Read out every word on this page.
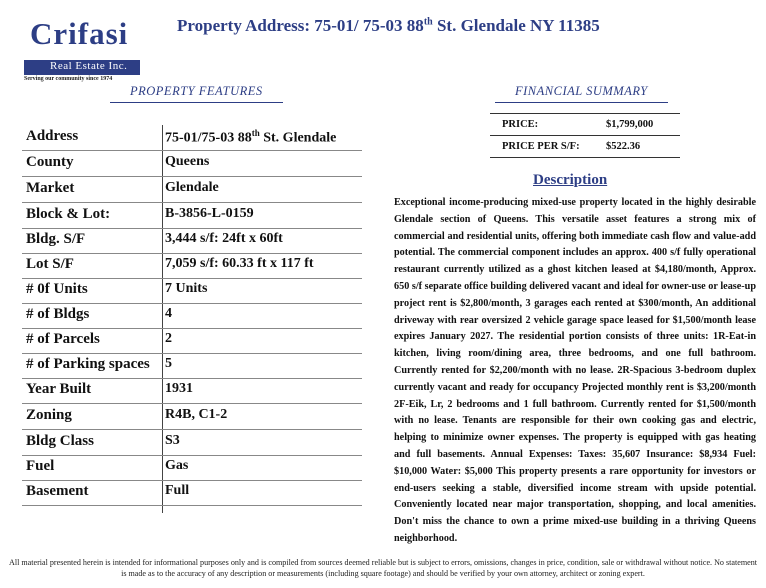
Crifasi
Real Estate Inc.
Serving our community since 1974
Property Address: 75-01/ 75-03 88th St. Glendale NY 11385
PROPERTY FEATURES	FINANCIAL SUMMARY
Address	75-01/75-03 88th St. Glendale
County	Queens
Market	Glendale
Block & Lot:	B-3856-L-0159
Bldg. S/F	3,444 s/f: 24ft x 60ft
Lot S/F	7,059 s/f: 60.33 ft x 117 ft
# 0f Units	7 Units
# of Bldgs	4
# of Parcels	2
# of Parking spaces 5
Year Built	1931
Zoning	R4B, C1-2
Bldg Class	S3
Fuel	Gas
Basement	Full
PRICE:	$1,799,000
PRICE PER S/F:	$522.36
Description
Exceptional income-producing mixed-use property located in the highly desirable Glendale section of Queens. This versatile asset features a strong mix of commercial and residential units, offering both immediate cash flow and value-add potential. The commercial component includes an approx. 400 s/f fully operational restaurant currently utilized as a ghost kitchen leased at $4,180/month, Approx. 650 s/f separate office building delivered vacant and ideal for owner-use or lease-up project rent is $2,800/month, 3 garages each rented at $300/month, An additional driveway with rear oversized 2 vehicle garage space leased for $1,500/month lease expires January 2027. The residential portion consists of three units: 1R-Eat-in kitchen, living room/dining area, three bedrooms, and one full bathroom. Currently rented for $2,200/month with no lease. 2R-Spacious 3-bedroom duplex currently vacant and ready for occupancy Projected monthly rent is $3,200/month 2F-Eik, Lr, 2 bedrooms and 1 full bathroom. Currently rented for $1,500/month with no lease. Tenants are responsible for their own cooking gas and electric, helping to minimize owner expenses. The property is equipped with gas heating and full basements. Annual Expenses: Taxes: 35,607 Insurance: $8,934 Fuel: $10,000 Water: $5,000 This property presents a rare opportunity for investors or end-users seeking a stable, diversified income stream with upside potential. Conveniently located near major transportation, shopping, and local amenities. Don't miss the chance to own a prime mixed-use building in a thriving Queens neighborhood.
All material presented herein is intended for informational purposes only and is compiled from sources deemed reliable but is subject to errors, omissions, changes in price, condition, sale or withdrawal without notice. No statement is made as to the accuracy of any description or measurements (including square footage) and should be verified by your own attorney, architect or zoning expert.
